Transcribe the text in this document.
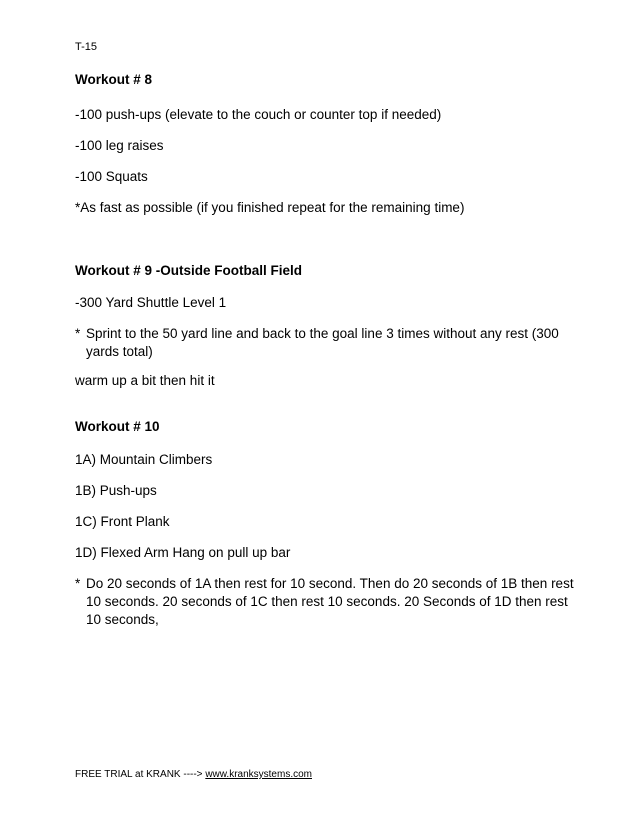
T-15
Workout # 8
-100 push-ups (elevate to the couch or counter top if needed)
-100 leg raises
-100 Squats
*As fast as possible (if you finished repeat for the remaining time)
Workout # 9 -Outside Football Field
-300 Yard Shuttle Level 1
* Sprint to the 50 yard line and back to the goal line 3 times without any rest (300 yards total)
warm up a bit then hit it
Workout # 10
1A) Mountain Climbers
1B) Push-ups
1C) Front Plank
1D) Flexed Arm Hang on pull up bar
* Do 20 seconds of 1A then rest for 10 second. Then do 20 seconds of 1B then rest 10 seconds. 20 seconds of 1C then rest 10 seconds. 20 Seconds of 1D then rest 10 seconds,
FREE TRIAL at KRANK ----> www.kranksystems.com
